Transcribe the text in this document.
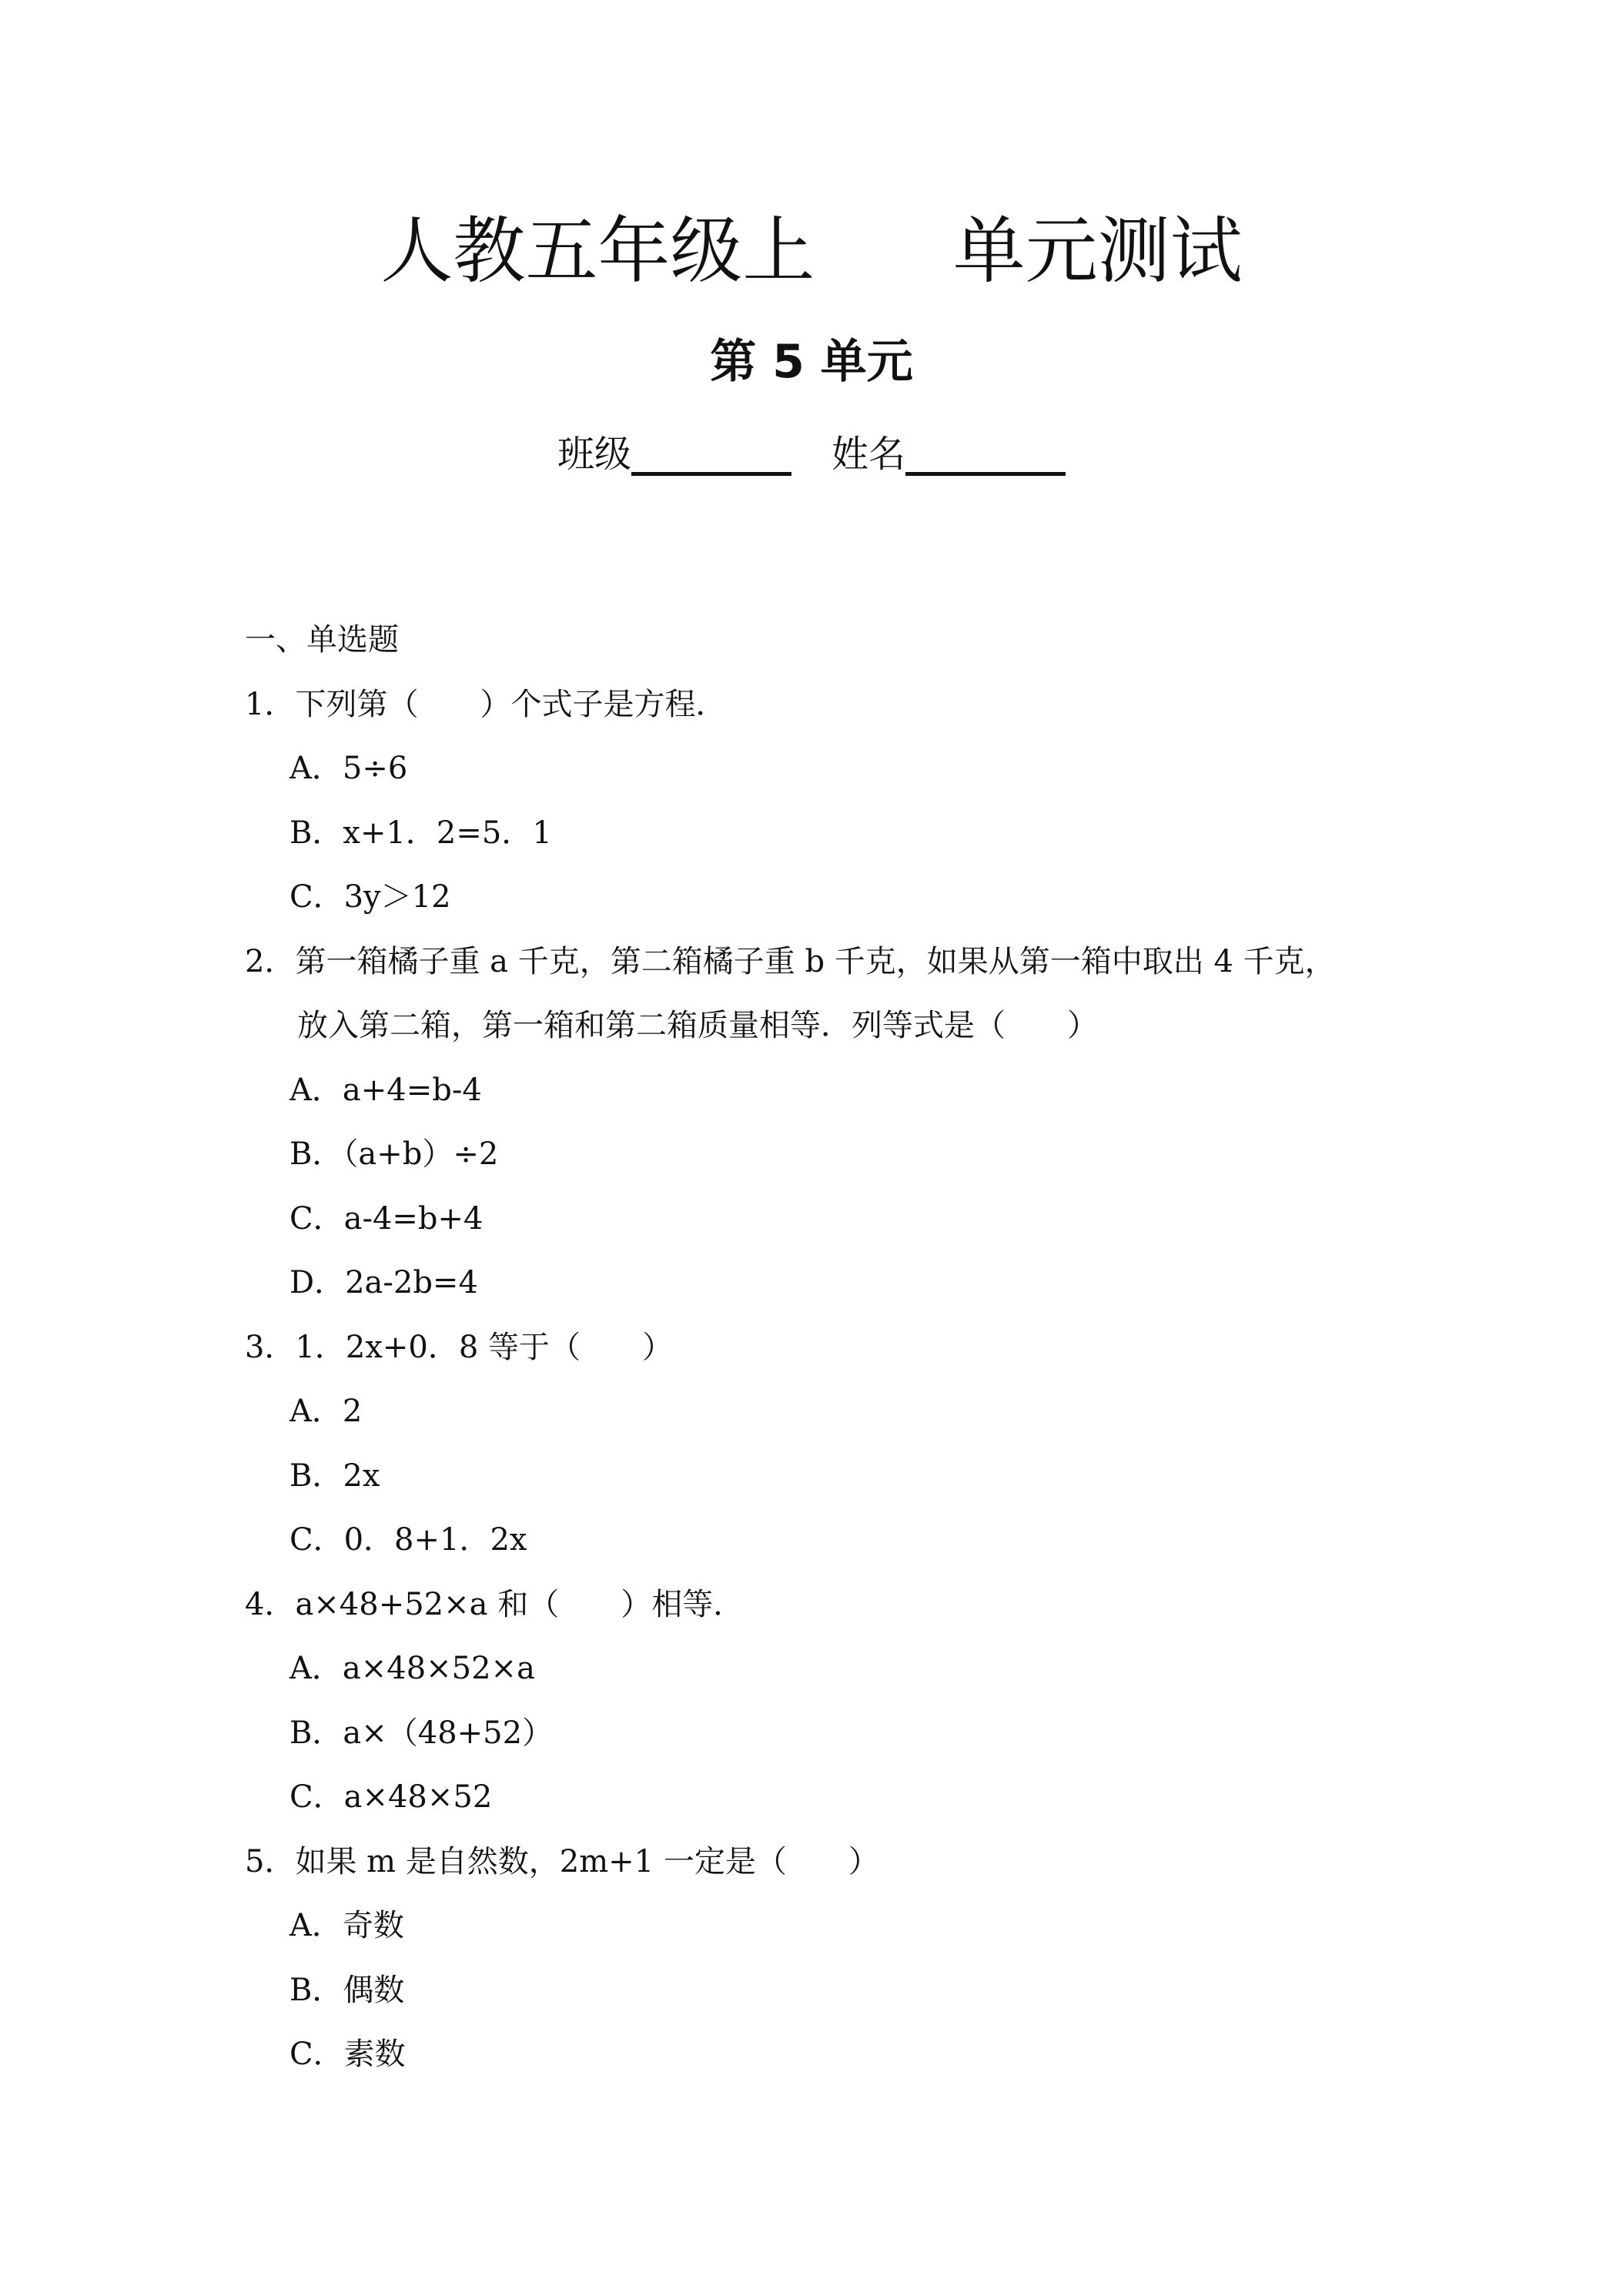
人教五年级上      单元测试
第 5 单元
班级	姓名
一、单选题
1．下列第（　　）个式子是方程．
A．5÷6
B．x+1．2=5．1
C．3y＞12
2．第一箱橘子重 a 千克，第二箱橘子重 b 千克，如果从第一箱中取出 4 千克，
放入第二箱，第一箱和第二箱质量相等．列等式是（　　）
A．a+4=b-4
B．（a+b）÷2
C．a-4=b+4
D．2a-2b=4
3．1．2x+0．8 等于（　　）
A．2
B．2x
C．0．8+1．2x
4．a×48+52×a 和（　　）相等．
A．a×48×52×a
B．a×（48+52）
C．a×48×52
5．如果 m 是自然数，2m+1 一定是（　　）
A．奇数
B．偶数
C．素数
